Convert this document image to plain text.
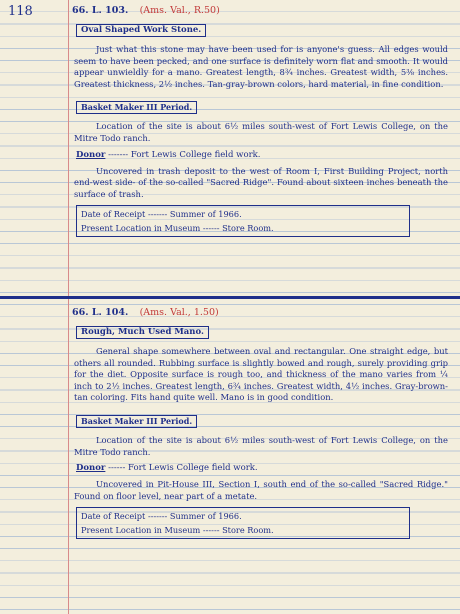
118	66. L. 103. (Ams. Val., R.50)
Oval Shaped Work Stone.
Just what this stone may have been used for is anyone's guess. All edges would seem to have been pecked, and one surface is definitely worn flat and smooth. It would appear unwieldly for a mano. Greatest length, 8¾ inches. Greatest width, 5⅜ inches. Greatest thickness, 2½ inches. Tan-gray-brown colors, hard material, in fine condition.
Basket Maker III Period.
Location of the site is about 6½ miles south-west of Fort Lewis College, on the Mitre Todo ranch.
Donor ------- Fort Lewis College field work.
Uncovered in trash deposit to the west of Room I, First Building Project, north end-west side- of the so-called "Sacred Ridge". Found about sixteen inches beneath the surface of trash.
Date of Receipt ------- Summer of 1966.
Present Location in Museum ------ Store Room.
66. L. 104. (Ams. Val., 1.50)
Rough, Much Used Mano.
General shape somewhere between oval and rectangular. One straight edge, but others all rounded. Rubbing surface is slightly bowed and rough, surely providing grip for the diet. Opposite surface is rough too, and thickness of the mano varies from ¼ inch to 2½ inches. Greatest length, 6¾ inches. Greatest width, 4½ inches. Gray-brown-tan coloring. Fits hand quite well. Mano is in good condition.
Basket Maker III Period.
Location of the site is about 6½ miles south-west of Fort Lewis College, on the Mitre Todo ranch.
Donor ------ Fort Lewis College field work.
Uncovered in Pit-House III, Section I, south end of the so-called "Sacred Ridge." Found on floor level, near part of a metate.
Date of Receipt ------- Summer of 1966.
Present Location in Museum ------ Store Room.
